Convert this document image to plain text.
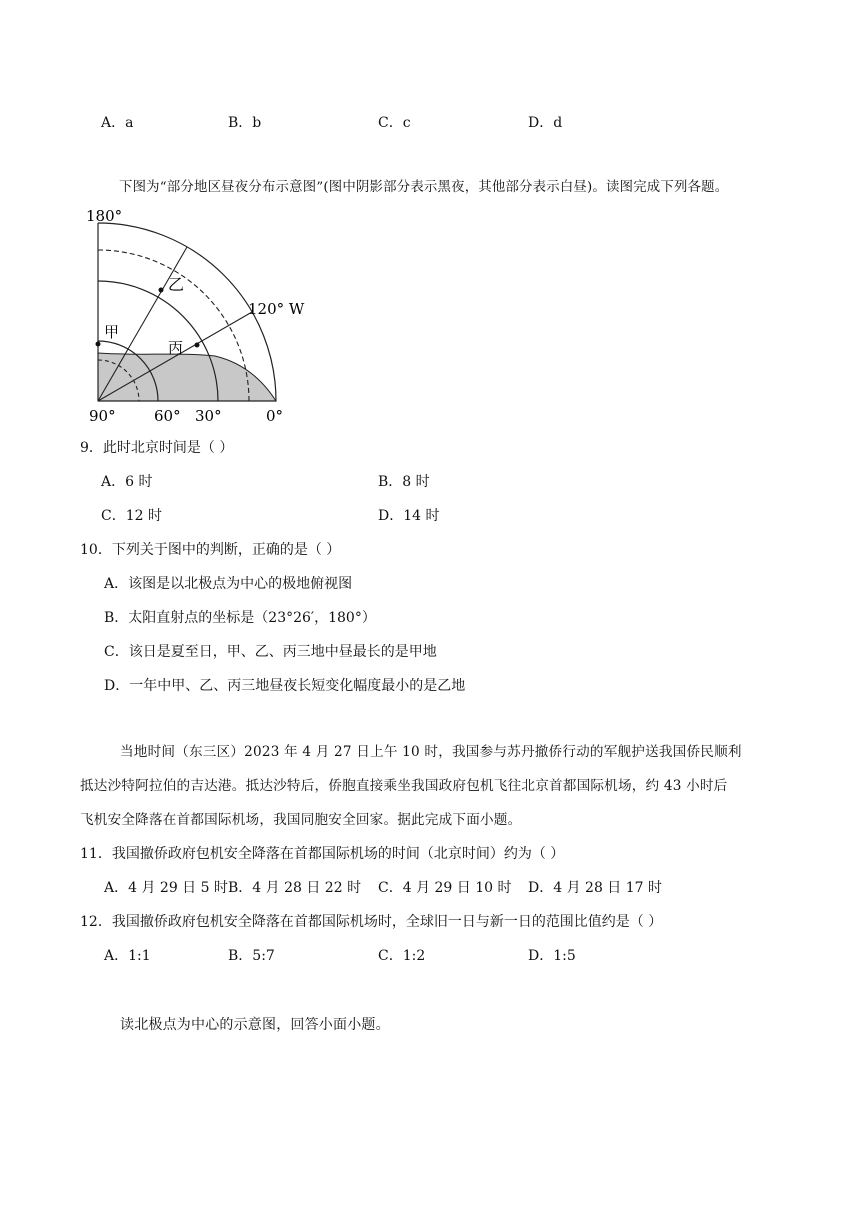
A．a	B．b	C．c	D．d
下图为“部分地区昼夜分布示意图”(图中阴影部分表示黑夜，其他部分表示白昼)。读图完成下列各题。
180°
120° W
甲
乙
丙
90°	60° 30°	0°
9．此时北京时间是（ ）
A．6 时	B．8 时
C．12 时	D．14 时
10．下列关于图中的判断，正确的是（ ）
A．该图是以北极点为中心的极地俯视图
B．太阳直射点的坐标是（23°26′，180°）
C．该日是夏至日，甲、乙、丙三地中昼最长的是甲地
D．一年中甲、乙、丙三地昼夜长短变化幅度最小的是乙地
当地时间（东三区）2023 年 4 月 27 日上午 10 时，我国参与苏丹撤侨行动的军舰护送我国侨民顺利
抵达沙特阿拉伯的吉达港。抵达沙特后，侨胞直接乘坐我国政府包机飞往北京首都国际机场，约 43 小时后
飞机安全降落在首都国际机场，我国同胞安全回家。据此完成下面小题。
11．我国撤侨政府包机安全降落在首都国际机场的时间（北京时间）约为（ ）
A．4 月 29 日 5 时 B．4 月 28 日 22 时 C．4 月 29 日 10 时 D．4 月 28 日 17 时
12．我国撤侨政府包机安全降落在首都国际机场时，全球旧一日与新一日的范围比值约是（ ）
A．1:1	B．5:7	C．1:2	D．1:5
读北极点为中心的示意图，回答小面小题。
